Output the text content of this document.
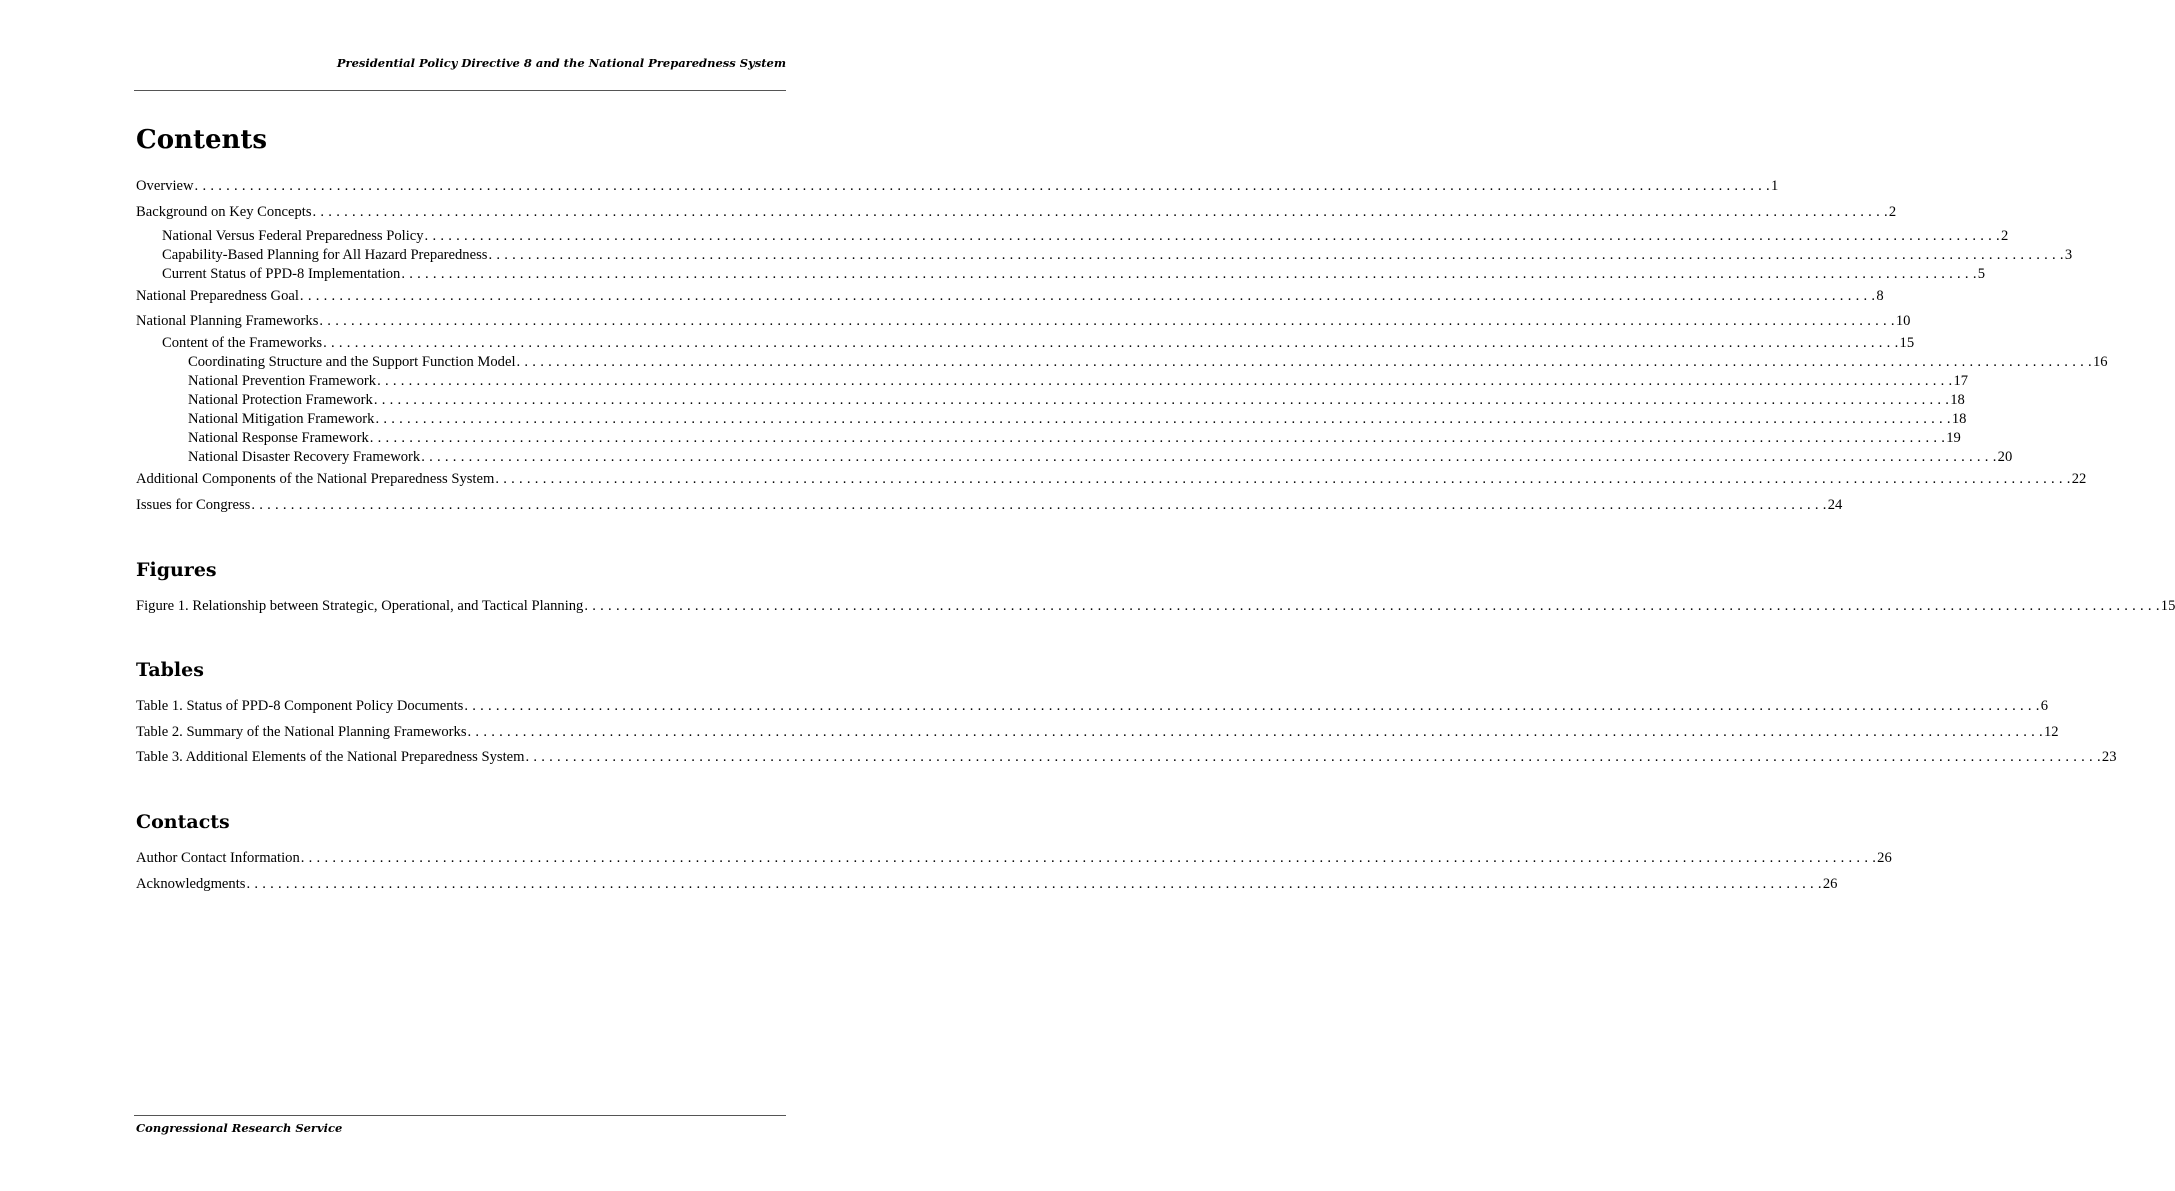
Presidential Policy Directive 8 and the National Preparedness System
Contents
Overview . . . . . . . . . . . . . . . . . . . . . . . . . . . . . . . . . . . . . . . . . . . . . . . . . . . . . . . . . . . . . . . . . . . . . . . . . . . . . . . . . . . . . . . . . . . . . . . . . . . . . . . . . . . . . . . . . . . . . . . . . . . . . . . . . . . . . . . . . . . . . . . . . . . . . . . . . . . . . . . . . . . . . . . . . . . . . . . . . . . . . . . . . . . . . . . . . . . . . . . . 1
Background on Key Concepts . . . . . . . . . . . . . . . . . . . . . . . . . . . . . . . . . . . . . . . . . . . . . . . . . . . . . . . . . . . . . . . . . . . . . . . . . . . . . . . . . . . . . . . . . . . . . . . . . . . . . . . . . . . . . . . . . . . . . . . . . . . . . . . . . . . . . . . . . . . . . . . . . . . . . . . . . . . . . . . . . . . . . . . . . . . . . . . . . . . . . . . . . . . . . . . . . . . . . . . . 2
National Versus Federal Preparedness Policy . . . . . . . . . . . . . . . . . . . . . . . . . . . . . . . . . . . . . . . . . . . . . . . . . . . . . . . . . . . . . . . . . . . . . . . . . . . . . . . . . . . . . . . . . . . . . . . . . . . . . . . . . . . . . . . . . . . . . . . . . . . . . . . . . . . . . . . . . . . . . . . . . . . . . . . . . . . . . . . . . . . . . . . . . . . . . . . . . . . . . . . . . . . . . . . . . . . . . . . . 2
Capability-Based Planning for All Hazard Preparedness . . . . . . . . . . . . . . . . . . . . . . . . . . . . . . . . . . . . . . . . . . . . . . . . . . . . . . . . . . . . . . . . . . . . . . . . . . . . . . . . . . . . . . . . . . . . . . . . . . . . . . . . . . . . . . . . . . . . . . . . . . . . . . . . . . . . . . . . . . . . . . . . . . . . . . . . . . . . . . . . . . . . . . . . . . . . . . . . . . . . . . . . . . . . . . . . . . . . . . . . 3
Current Status of PPD-8 Implementation . . . . . . . . . . . . . . . . . . . . . . . . . . . . . . . . . . . . . . . . . . . . . . . . . . . . . . . . . . . . . . . . . . . . . . . . . . . . . . . . . . . . . . . . . . . . . . . . . . . . . . . . . . . . . . . . . . . . . . . . . . . . . . . . . . . . . . . . . . . . . . . . . . . . . . . . . . . . . . . . . . . . . . . . . . . . . . . . . . . . . . . . . . . . . . . . . . . . . . . . 5
National Preparedness Goal . . . . . . . . . . . . . . . . . . . . . . . . . . . . . . . . . . . . . . . . . . . . . . . . . . . . . . . . . . . . . . . . . . . . . . . . . . . . . . . . . . . . . . . . . . . . . . . . . . . . . . . . . . . . . . . . . . . . . . . . . . . . . . . . . . . . . . . . . . . . . . . . . . . . . . . . . . . . . . . . . . . . . . . . . . . . . . . . . . . . . . . . . . . . . . . . . . . . . . . . 8
National Planning Frameworks . . . . . . . . . . . . . . . . . . . . . . . . . . . . . . . . . . . . . . . . . . . . . . . . . . . . . . . . . . . . . . . . . . . . . . . . . . . . . . . . . . . . . . . . . . . . . . . . . . . . . . . . . . . . . . . . . . . . . . . . . . . . . . . . . . . . . . . . . . . . . . . . . . . . . . . . . . . . . . . . . . . . . . . . . . . . . . . . . . . . . . . . . . . . . . . . . . . . . . . . 10
Content of the Frameworks . . . . . . . . . . . . . . . . . . . . . . . . . . . . . . . . . . . . . . . . . . . . . . . . . . . . . . . . . . . . . . . . . . . . . . . . . . . . . . . . . . . . . . . . . . . . . . . . . . . . . . . . . . . . . . . . . . . . . . . . . . . . . . . . . . . . . . . . . . . . . . . . . . . . . . . . . . . . . . . . . . . . . . . . . . . . . . . . . . . . . . . . . . . . . . . . . . . . . . . . 15
Coordinating Structure and the Support Function Model . . . . . . . . . . . . . . . . . . . . . . . . . . . . . . . . . . . . . . . . . . . . . . . . . . . . . . . . . . . . . . . . . . . . . . . . . . . . . . . . . . . . . . . . . . . . . . . . . . . . . . . . . . . . . . . . . . . . . . . . . . . . . . . . . . . . . . . . . . . . . . . . . . . . . . . . . . . . . . . . . . . . . . . . . . . . . . . . . . . . . . . . . . . . . . . . . . . . . . . . 16
National Prevention Framework . . . . . . . . . . . . . . . . . . . . . . . . . . . . . . . . . . . . . . . . . . . . . . . . . . . . . . . . . . . . . . . . . . . . . . . . . . . . . . . . . . . . . . . . . . . . . . . . . . . . . . . . . . . . . . . . . . . . . . . . . . . . . . . . . . . . . . . . . . . . . . . . . . . . . . . . . . . . . . . . . . . . . . . . . . . . . . . . . . . . . . . . . . . . . . . . . . . . . . . . 17
National Protection Framework . . . . . . . . . . . . . . . . . . . . . . . . . . . . . . . . . . . . . . . . . . . . . . . . . . . . . . . . . . . . . . . . . . . . . . . . . . . . . . . . . . . . . . . . . . . . . . . . . . . . . . . . . . . . . . . . . . . . . . . . . . . . . . . . . . . . . . . . . . . . . . . . . . . . . . . . . . . . . . . . . . . . . . . . . . . . . . . . . . . . . . . . . . . . . . . . . . . . . . . . 18
National Mitigation Framework . . . . . . . . . . . . . . . . . . . . . . . . . . . . . . . . . . . . . . . . . . . . . . . . . . . . . . . . . . . . . . . . . . . . . . . . . . . . . . . . . . . . . . . . . . . . . . . . . . . . . . . . . . . . . . . . . . . . . . . . . . . . . . . . . . . . . . . . . . . . . . . . . . . . . . . . . . . . . . . . . . . . . . . . . . . . . . . . . . . . . . . . . . . . . . . . . . . . . . . . 18
National Response Framework . . . . . . . . . . . . . . . . . . . . . . . . . . . . . . . . . . . . . . . . . . . . . . . . . . . . . . . . . . . . . . . . . . . . . . . . . . . . . . . . . . . . . . . . . . . . . . . . . . . . . . . . . . . . . . . . . . . . . . . . . . . . . . . . . . . . . . . . . . . . . . . . . . . . . . . . . . . . . . . . . . . . . . . . . . . . . . . . . . . . . . . . . . . . . . . . . . . . . . . . 19
National Disaster Recovery Framework . . . . . . . . . . . . . . . . . . . . . . . . . . . . . . . . . . . . . . . . . . . . . . . . . . . . . . . . . . . . . . . . . . . . . . . . . . . . . . . . . . . . . . . . . . . . . . . . . . . . . . . . . . . . . . . . . . . . . . . . . . . . . . . . . . . . . . . . . . . . . . . . . . . . . . . . . . . . . . . . . . . . . . . . . . . . . . . . . . . . . . . . . . . . . . . . . . . . . . . . 20
Additional Components of the National Preparedness System . . . . . . . . . . . . . . . . . . . . . . . . . . . . . . . . . . . . . . . . . . . . . . . . . . . . . . . . . . . . . . . . . . . . . . . . . . . . . . . . . . . . . . . . . . . . . . . . . . . . . . . . . . . . . . . . . . . . . . . . . . . . . . . . . . . . . . . . . . . . . . . . . . . . . . . . . . . . . . . . . . . . . . . . . . . . . . . . . . . . . . . . . . . . . . . . . . . . . . . . 22
Issues for Congress . . . . . . . . . . . . . . . . . . . . . . . . . . . . . . . . . . . . . . . . . . . . . . . . . . . . . . . . . . . . . . . . . . . . . . . . . . . . . . . . . . . . . . . . . . . . . . . . . . . . . . . . . . . . . . . . . . . . . . . . . . . . . . . . . . . . . . . . . . . . . . . . . . . . . . . . . . . . . . . . . . . . . . . . . . . . . . . . . . . . . . . . . . . . . . . . . . . . . . . . 24
Figures
Figure 1. Relationship between Strategic, Operational, and Tactical Planning . . . . . . . . . . . . . . . . . . . . . . . . . . . . . . . . . . . . . . . . . . . . . . . . . . . . . . . . . . . . . . . . . . . . . . . . . . . . . . . . . . . . . . . . . . . . . . . . . . . . . . . . . . . . . . . . . . . . . . . . . . . . . . . . . . . . . . . . . . . . . . . . . . . . . . . . . . . . . . . . . . . . . . . . . . . . . . . . . . . . . . . . . . . . . . . . . . . . . . . . 15
Tables
Table 1. Status of PPD-8 Component Policy Documents . . . . . . . . . . . . . . . . . . . . . . . . . . . . . . . . . . . . . . . . . . . . . . . . . . . . . . . . . . . . . . . . . . . . . . . . . . . . . . . . . . . . . . . . . . . . . . . . . . . . . . . . . . . . . . . . . . . . . . . . . . . . . . . . . . . . . . . . . . . . . . . . . . . . . . . . . . . . . . . . . . . . . . . . . . . . . . . . . . . . . . . . . . . . . . . . . . . . . . . . 6
Table 2. Summary of the National Planning Frameworks . . . . . . . . . . . . . . . . . . . . . . . . . . . . . . . . . . . . . . . . . . . . . . . . . . . . . . . . . . . . . . . . . . . . . . . . . . . . . . . . . . . . . . . . . . . . . . . . . . . . . . . . . . . . . . . . . . . . . . . . . . . . . . . . . . . . . . . . . . . . . . . . . . . . . . . . . . . . . . . . . . . . . . . . . . . . . . . . . . . . . . . . . . . . . . . . . . . . . . . . 12
Table 3. Additional Elements of the National Preparedness System . . . . . . . . . . . . . . . . . . . . . . . . . . . . . . . . . . . . . . . . . . . . . . . . . . . . . . . . . . . . . . . . . . . . . . . . . . . . . . . . . . . . . . . . . . . . . . . . . . . . . . . . . . . . . . . . . . . . . . . . . . . . . . . . . . . . . . . . . . . . . . . . . . . . . . . . . . . . . . . . . . . . . . . . . . . . . . . . . . . . . . . . . . . . . . . . . . . . . . . . 23
Contacts
Author Contact Information . . . . . . . . . . . . . . . . . . . . . . . . . . . . . . . . . . . . . . . . . . . . . . . . . . . . . . . . . . . . . . . . . . . . . . . . . . . . . . . . . . . . . . . . . . . . . . . . . . . . . . . . . . . . . . . . . . . . . . . . . . . . . . . . . . . . . . . . . . . . . . . . . . . . . . . . . . . . . . . . . . . . . . . . . . . . . . . . . . . . . . . . . . . . . . . . . . . . . . . . 26
Acknowledgments . . . . . . . . . . . . . . . . . . . . . . . . . . . . . . . . . . . . . . . . . . . . . . . . . . . . . . . . . . . . . . . . . . . . . . . . . . . . . . . . . . . . . . . . . . . . . . . . . . . . . . . . . . . . . . . . . . . . . . . . . . . . . . . . . . . . . . . . . . . . . . . . . . . . . . . . . . . . . . . . . . . . . . . . . . . . . . . . . . . . . . . . . . . . . . . . . . . . . . . . 26
Congressional Research Service
